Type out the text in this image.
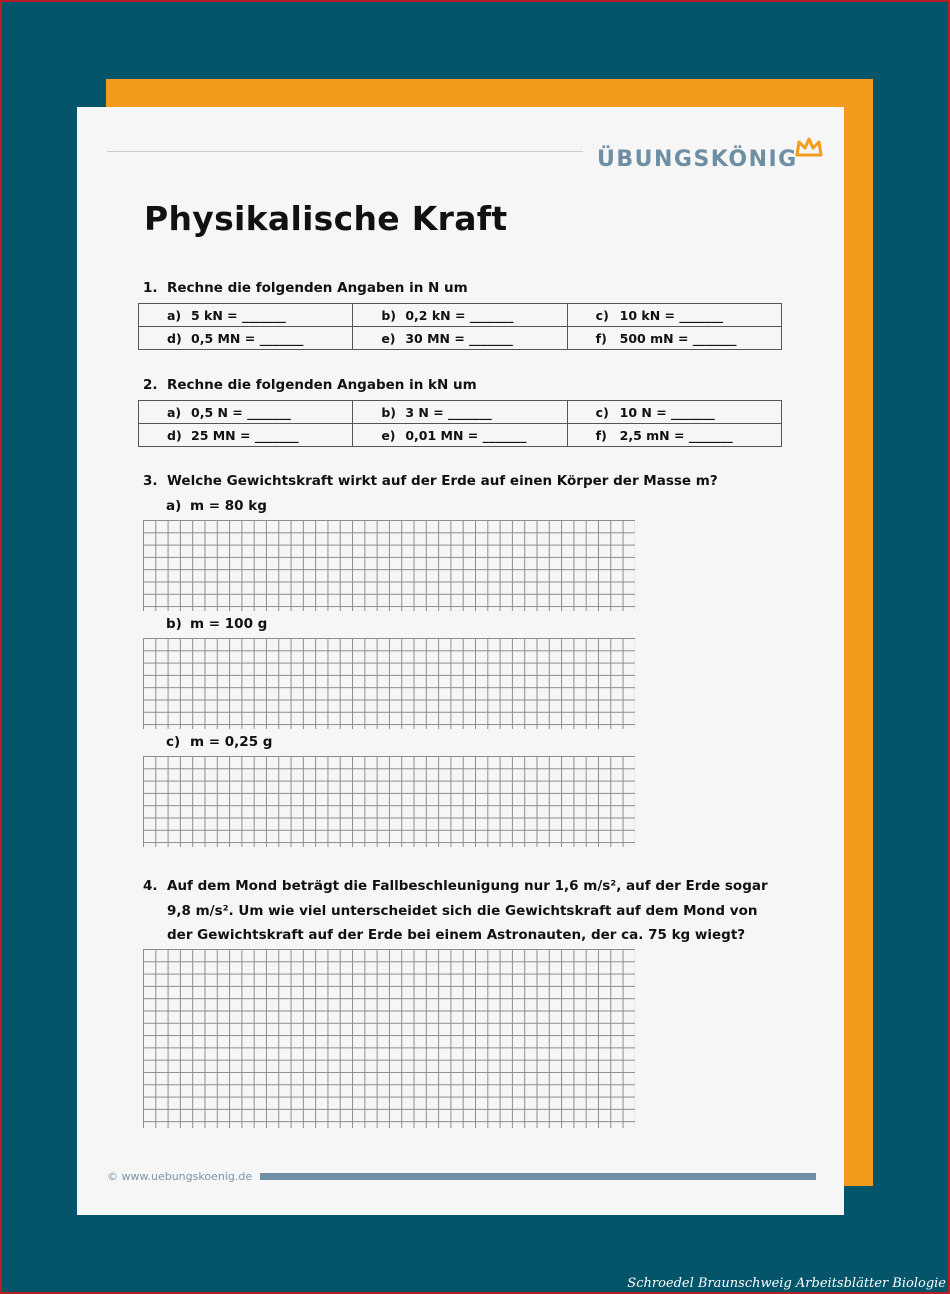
ÜBUNGSKÖNIG
Physikalische Kraft
1. Rechne die folgenden Angaben in N um
a) 5 kN = _______	b) 0,2 kN = _______	c) 10 kN = _______
d) 0,5 MN = _______	e) 30 MN = _______	f) 500 mN = _______
2. Rechne die folgenden Angaben in kN um
a) 0,5 N = _______	b) 3 N = _______	c) 10 N = _______
d) 25 MN = _______	e) 0,01 MN = _______	f) 2,5 mN = _______
3. Welche Gewichtskraft wirkt auf der Erde auf einen Körper der Masse m?
a) m = 80 kg
b) m = 100 g
c) m = 0,25 g
4. Auf dem Mond beträgt die Fallbeschleunigung nur 1,6 m/s², auf der Erde sogar 9,8 m/s². Um wie viel unterscheidet sich die Gewichtskraft auf dem Mond von der Gewichtskraft auf der Erde bei einem Astronauten, der ca. 75 kg wiegt?
© www.uebungskoenig.de
Schroedel Braunschweig Arbeitsblätter Biologie
